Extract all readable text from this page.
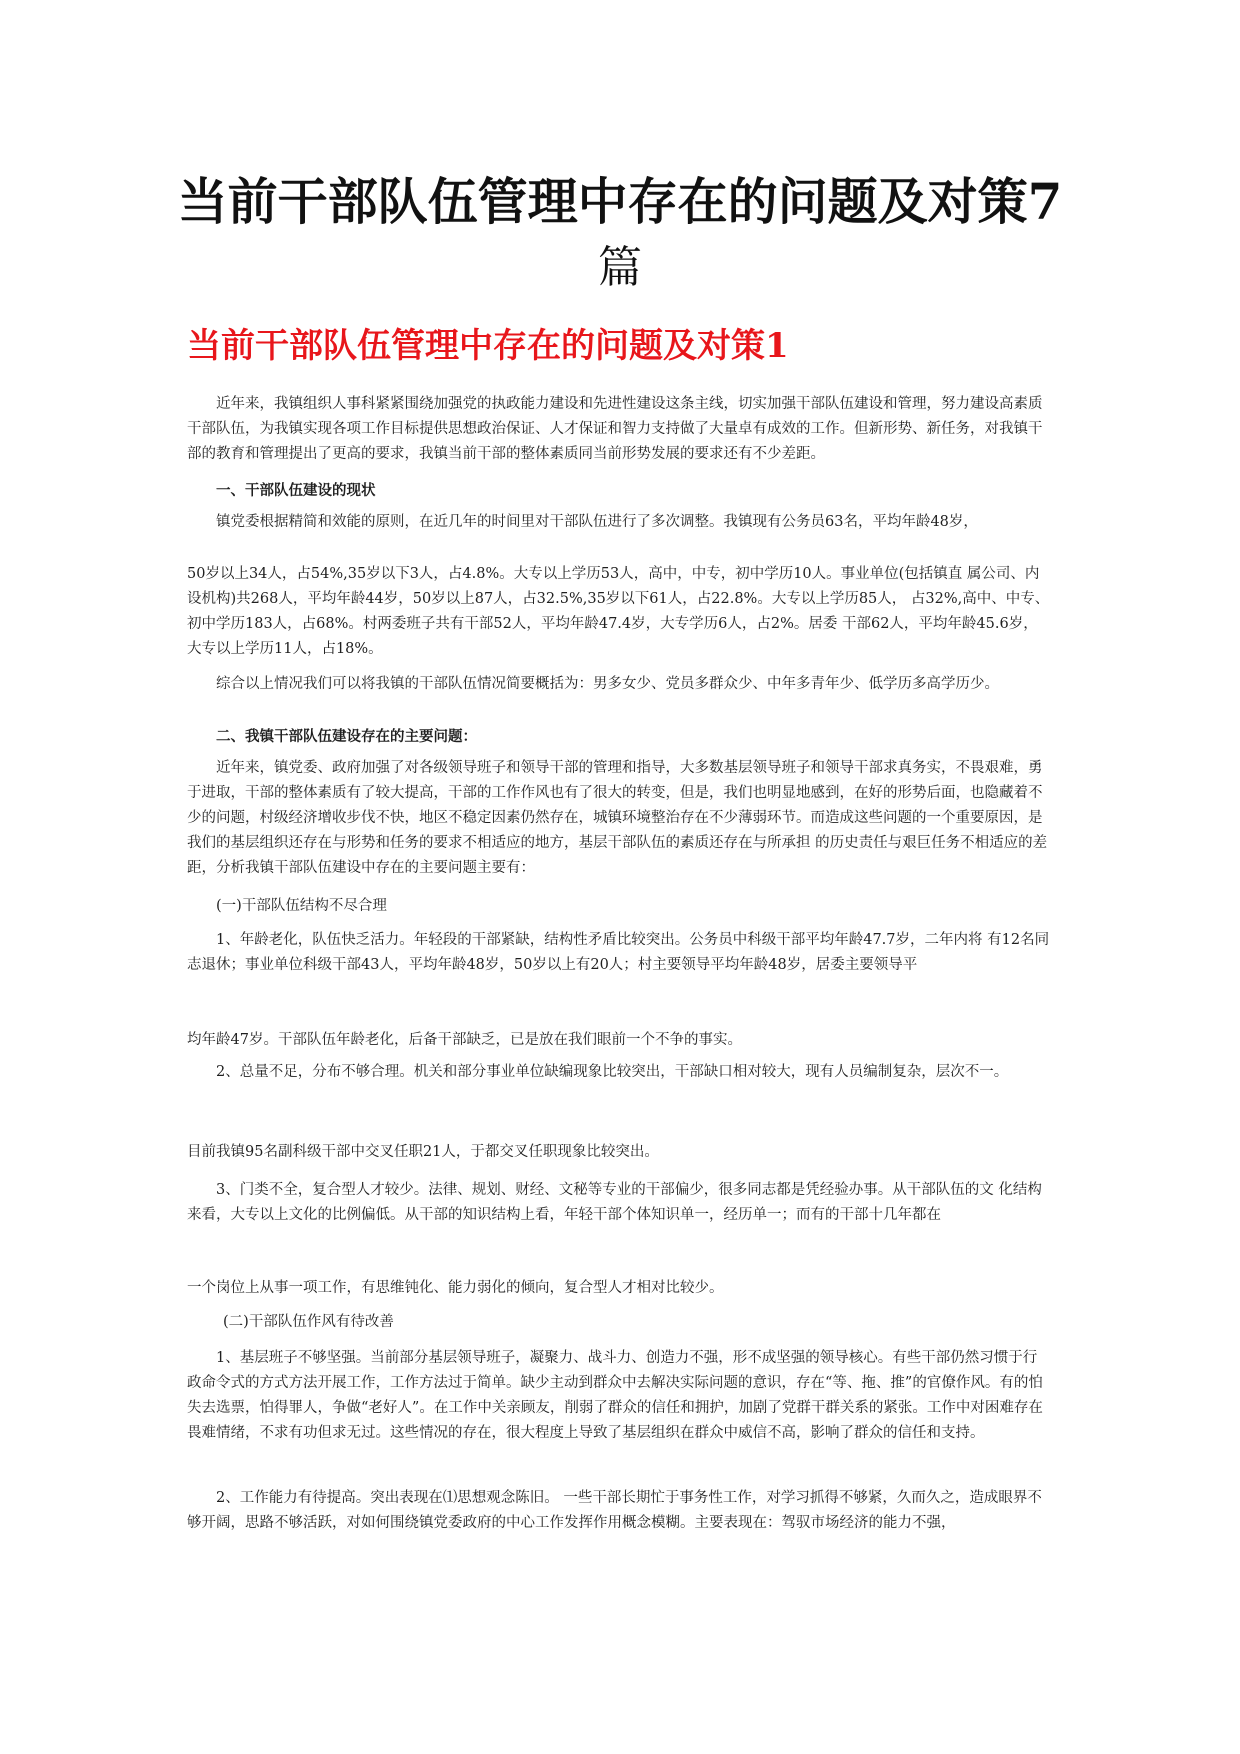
当前干部队伍管理中存在的问题及对策7
篇
当前干部队伍管理中存在的问题及对策1
近年来，我镇组织人事科紧紧围绕加强党的执政能力建设和先进性建设这条主线，切实加强干部队伍建设和管理，努力建设高素质干部队伍，为我镇实现各项工作目标提供思想政治保证、人才保证和智力支持做了大量卓有成效的工作。但新形势、新任务，对我镇干部的教育和管理提出了更高的要求，我镇当前干部的整体素质同当前形势发展的要求还有不少差距。
一、干部队伍建设的现状
镇党委根据精简和效能的原则，在近几年的时间里对干部队伍进行了多次调整。我镇现有公务员63名，平均年龄48岁，
50岁以上34人，占54%,35岁以下3人，占4.8%。大专以上学历53人，高中，中专，初中学历10人。事业单位(包括镇直 属公司、内设机构)共268人，平均年龄44岁，50岁以上87人，占32.5%,35岁以下61人，占22.8%。大专以上学历85人， 占32%,高中、中专、初中学历183人，占68%。村两委班子共有干部52人，平均年龄47.4岁，大专学历6人，占2%。居委 干部62人，平均年龄45.6岁，大专以上学历11人，占18%。
综合以上情况我们可以将我镇的干部队伍情况简要概括为：男多女少、党员多群众少、中年多青年少、低学历多高学历少。
二、我镇干部队伍建设存在的主要问题：
近年来，镇党委、政府加强了对各级领导班子和领导干部的管理和指导，大多数基层领导班子和领导干部求真务实，不畏艰难，勇于进取，干部的整体素质有了较大提高，干部的工作作风也有了很大的转变，但是，我们也明显地感到，在好的形势后面，也隐藏着不少的问题，村级经济增收步伐不快，地区不稳定因素仍然存在，城镇环境整治存在不少薄弱环节。而造成这些问题的一个重要原因，是我们的基层组织还存在与形势和任务的要求不相适应的地方，基层干部队伍的素质还存在与所承担 的历史责任与艰巨任务不相适应的差距，分析我镇干部队伍建设中存在的主要问题主要有：
(一)干部队伍结构不尽合理
1、年龄老化，队伍快乏活力。年轻段的干部紧缺，结构性矛盾比较突出。公务员中科级干部平均年龄47.7岁，二年内将 有12名同志退休；事业单位科级干部43人，平均年龄48岁，50岁以上有20人；村主要领导平均年龄48岁，居委主要领导平
均年龄47岁。干部队伍年龄老化，后备干部缺乏，已是放在我们眼前一个不争的事实。
2、总量不足，分布不够合理。机关和部分事业单位缺编现象比较突出，干部缺口相对较大，现有人员编制复杂，层次不一。
目前我镇95名副科级干部中交叉任职21人，于都交叉任职现象比较突出。
3、门类不全，复合型人才较少。法律、规划、财经、文秘等专业的干部偏少，很多同志都是凭经验办事。从干部队伍的文 化结构来看，大专以上文化的比例偏低。从干部的知识结构上看，年轻干部个体知识单一，经历单一；而有的干部十几年都在
一个岗位上从事一项工作，有思维钝化、能力弱化的倾向，复合型人才相对比较少。
(二)干部队伍作风有待改善
1、基层班子不够坚强。当前部分基层领导班子，凝聚力、战斗力、创造力不强，形不成坚强的领导核心。有些干部仍然习惯于行政命令式的方式方法开展工作，工作方法过于简单。缺少主动到群众中去解决实际问题的意识，存在“等、拖、推”的官僚作风。有的怕失去选票，怕得罪人，争做“老好人”。在工作中关亲顾友，削弱了群众的信任和拥护，加剧了党群干群关系的紧张。工作中对困难存在畏难情绪，不求有功但求无过。这些情况的存在，很大程度上导致了基层组织在群众中威信不高，影响了群众的信任和支持。
2、工作能力有待提高。突出表现在⑴思想观念陈旧。 一些干部长期忙于事务性工作，对学习抓得不够紧，久而久之，造成眼界不够开阔，思路不够活跃，对如何围绕镇党委政府的中心工作发挥作用概念模糊。主要表现在：驾驭市场经济的能力不强，
